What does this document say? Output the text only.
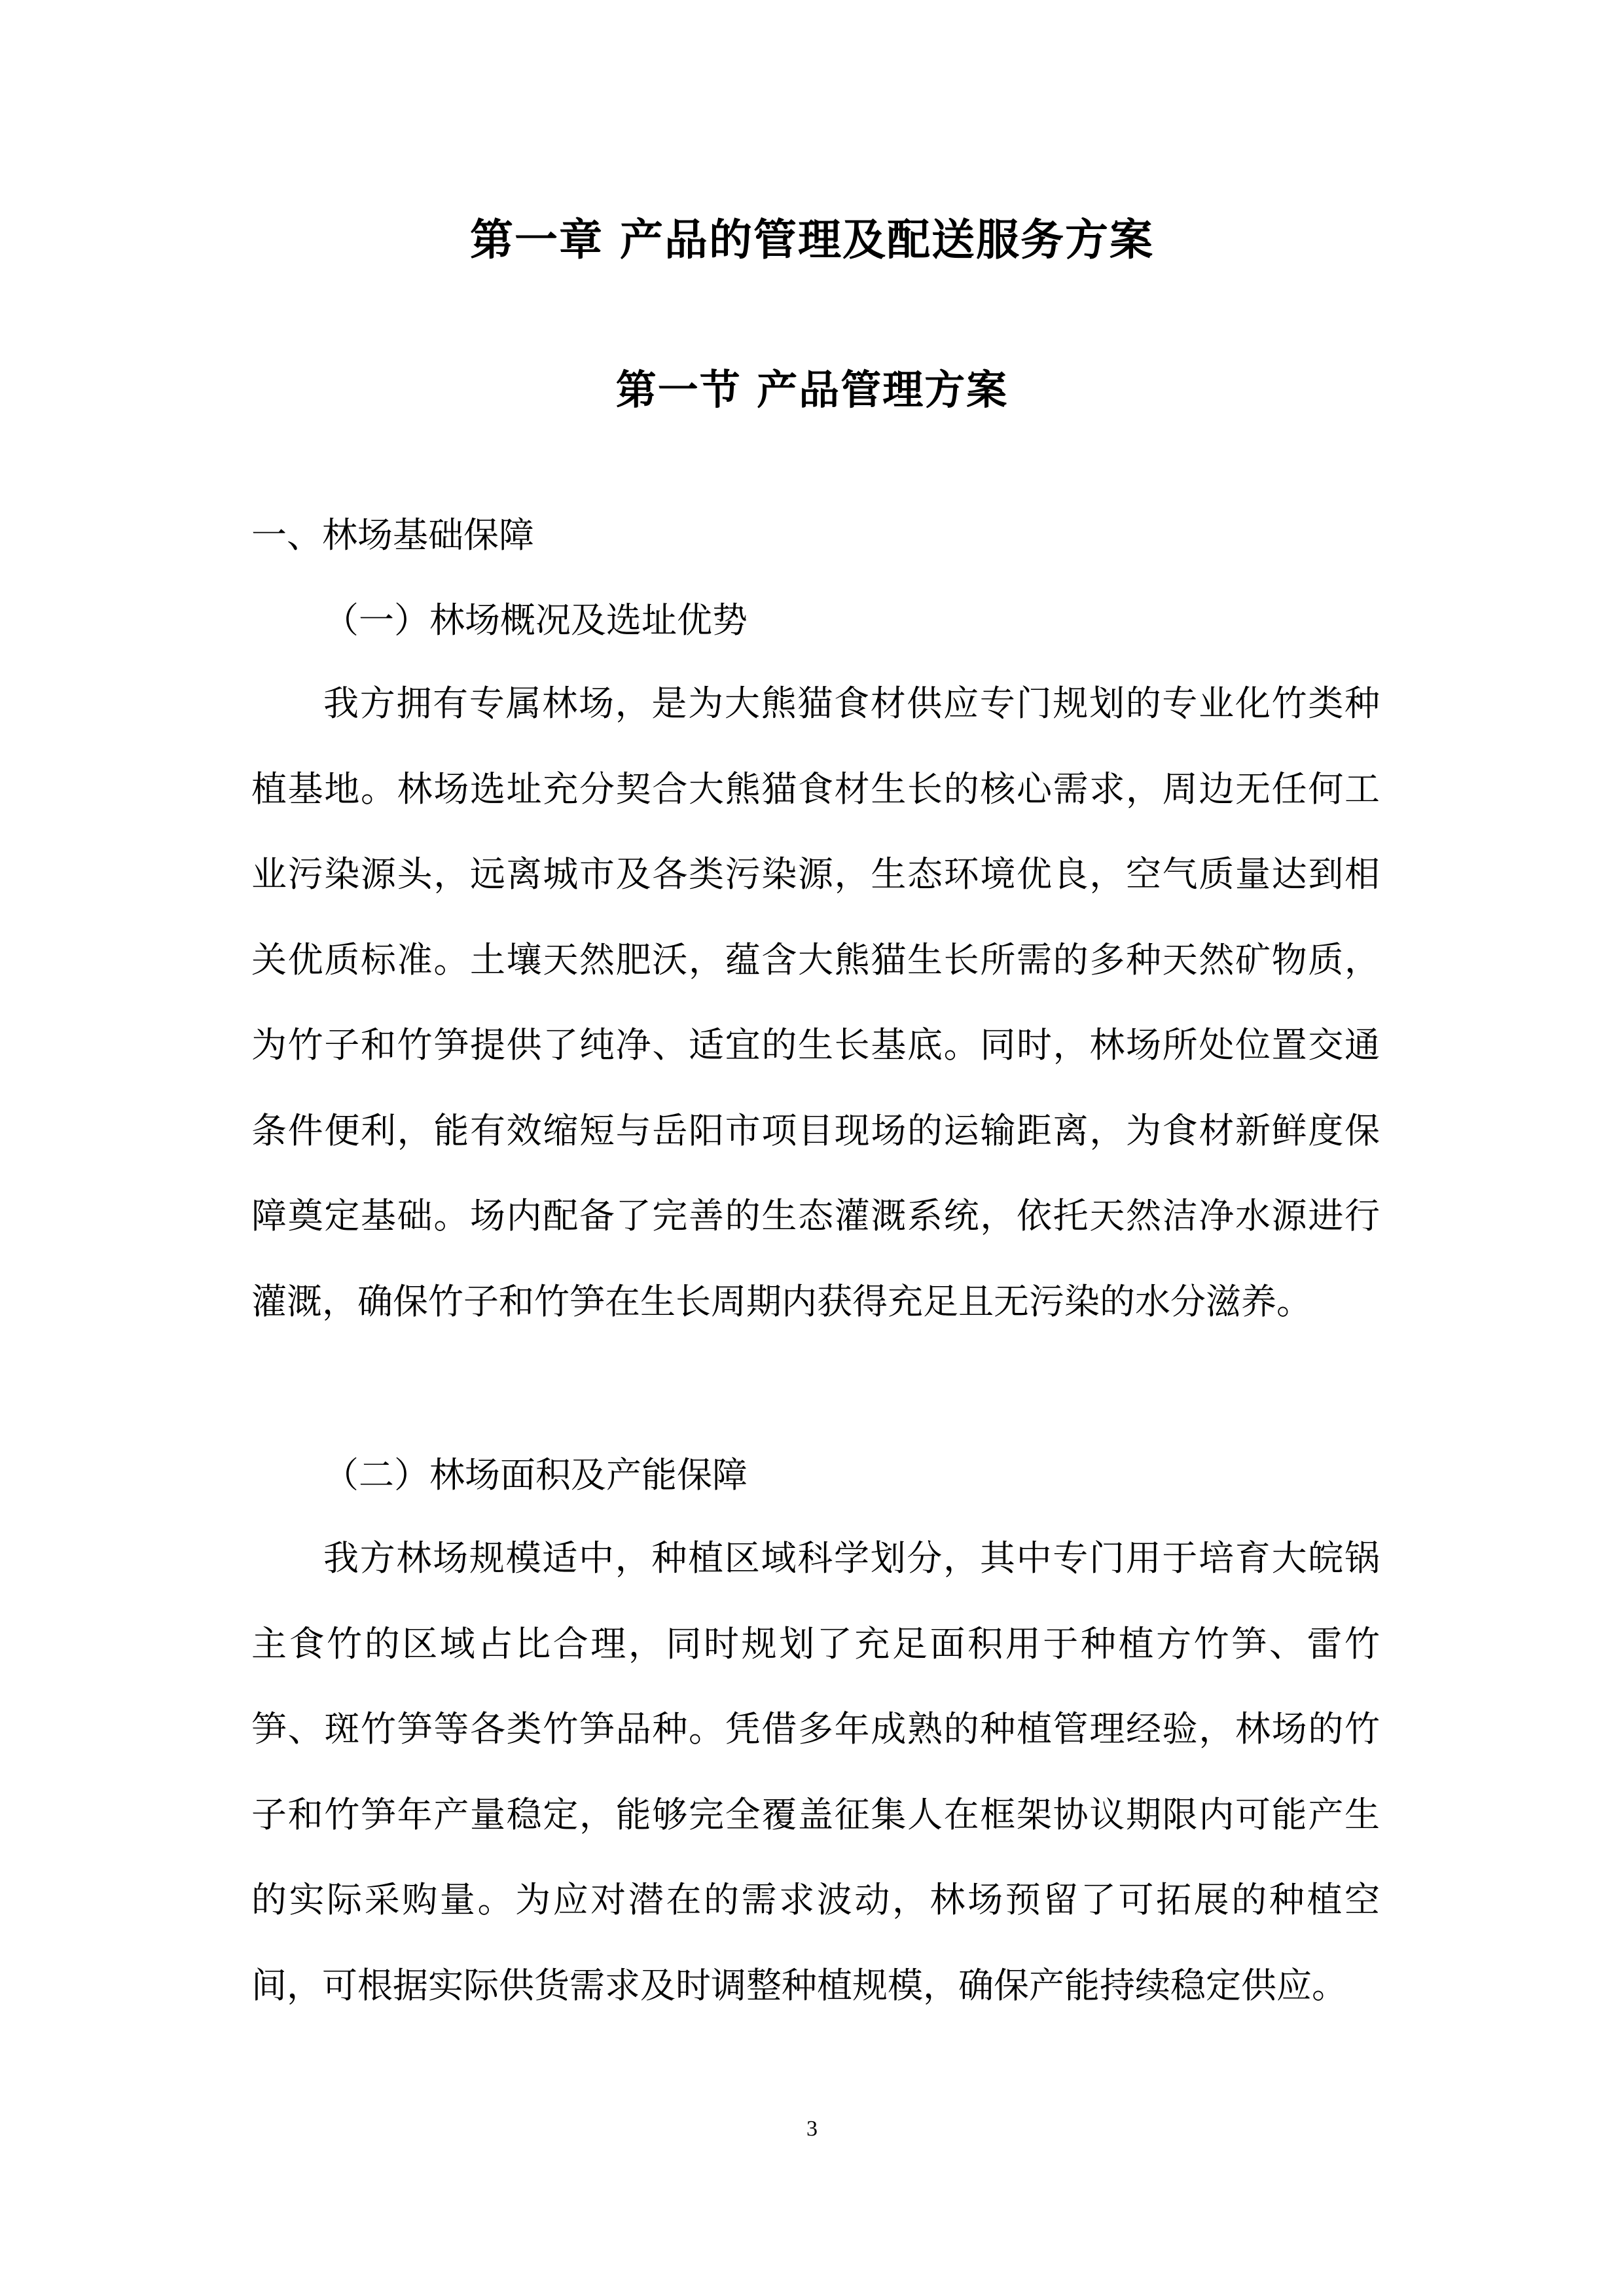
第一章 产品的管理及配送服务方案
第一节 产品管理方案
一、林场基础保障
（一）林场概况及选址优势
我方拥有专属林场，是为大熊猫食材供应专门规划的专业化竹类种植基地。林场选址充分契合大熊猫食材生长的核心需求，周边无任何工业污染源头，远离城市及各类污染源，生态环境优良，空气质量达到相关优质标准。土壤天然肥沃，蕴含大熊猫生长所需的多种天然矿物质，为竹子和竹笋提供了纯净、适宜的生长基底。同时，林场所处位置交通条件便利，能有效缩短与岳阳市项目现场的运输距离，为食材新鲜度保障奠定基础。场内配备了完善的生态灌溉系统，依托天然洁净水源进行灌溉，确保竹子和竹笋在生长周期内获得充足且无污染的水分滋养。
（二）林场面积及产能保障
我方林场规模适中，种植区域科学划分，其中专门用于培育大皖锅主食竹的区域占比合理，同时规划了充足面积用于种植方竹笋、雷竹笋、斑竹笋等各类竹笋品种。凭借多年成熟的种植管理经验，林场的竹子和竹笋年产量稳定，能够完全覆盖征集人在框架协议期限内可能产生的实际采购量。为应对潜在的需求波动，林场预留了可拓展的种植空间，可根据实际供货需求及时调整种植规模，确保产能持续稳定供应。
3
